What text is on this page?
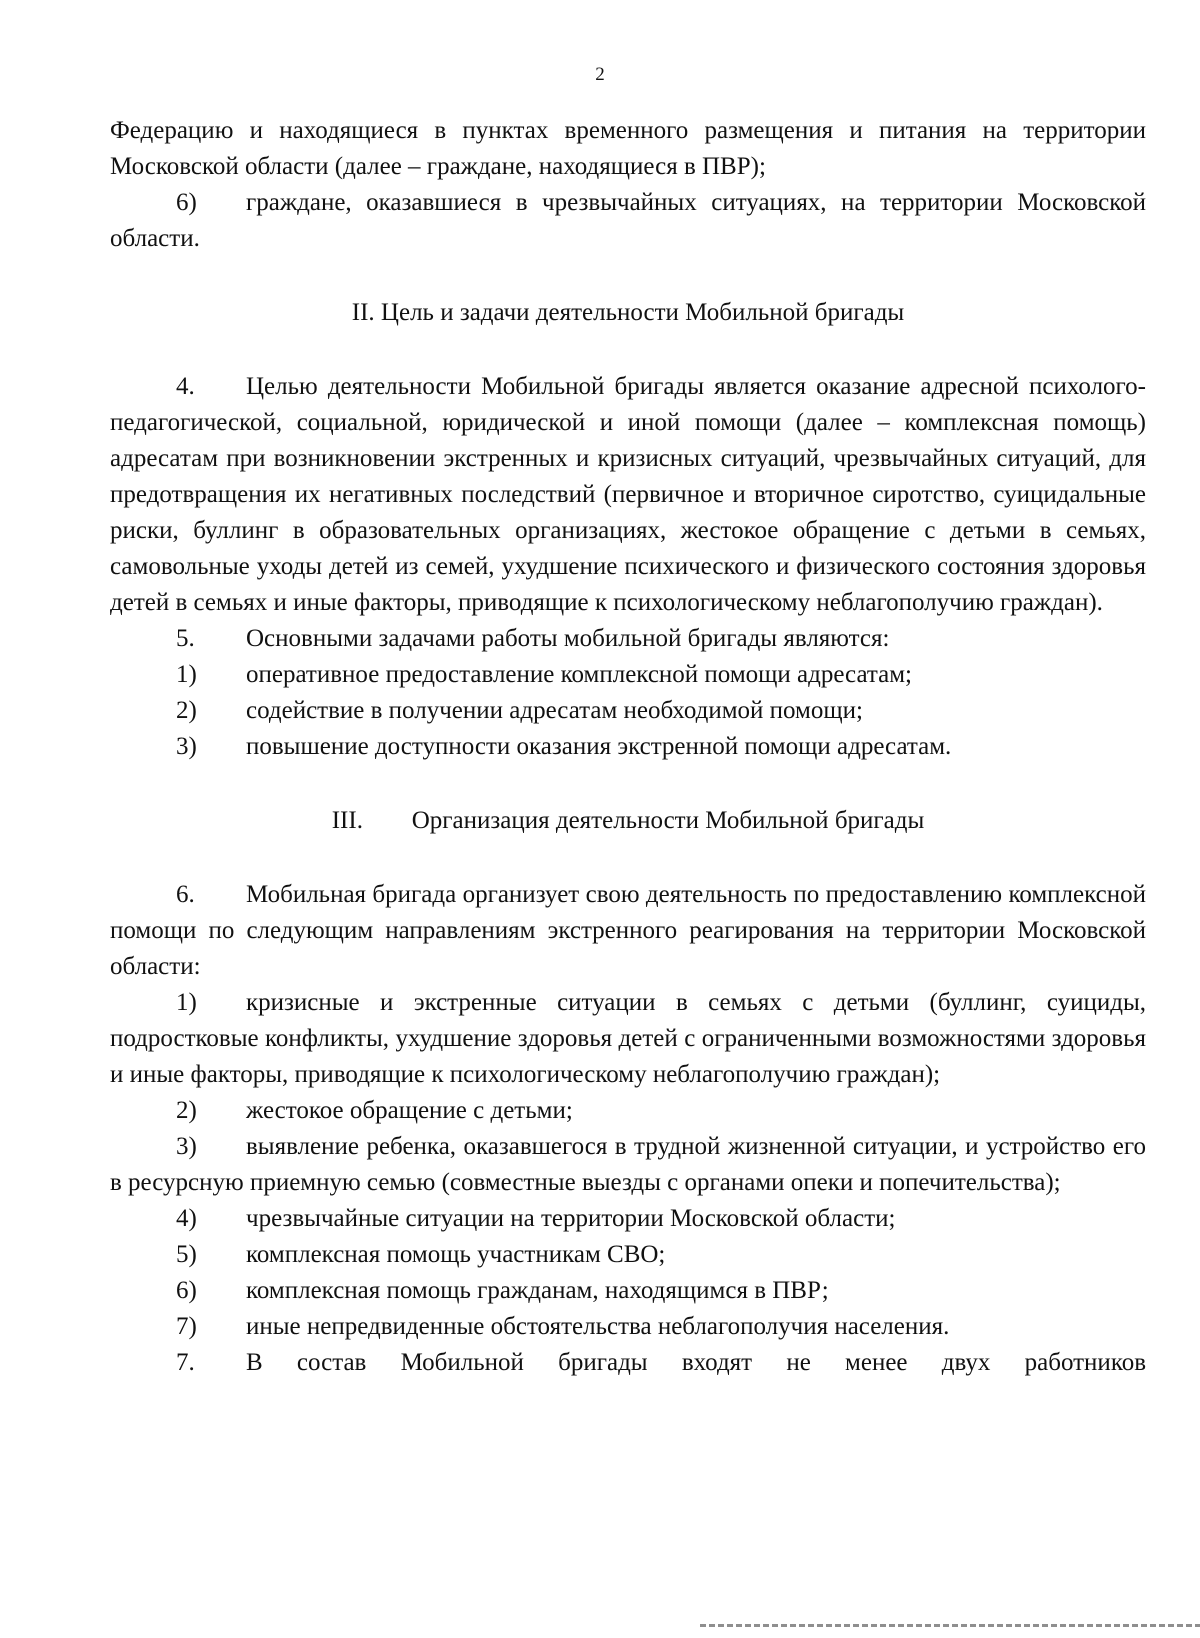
2

Федерацию и находящиеся в пунктах временного размещения и питания на территории Московской области (далее – граждане, находящиеся в ПВР);

6) граждане, оказавшиеся в чрезвычайных ситуациях, на территории Московской области.

II. Цель и задачи деятельности Мобильной бригады

4. Целью деятельности Мобильной бригады является оказание адресной психолого-педагогической, социальной, юридической и иной помощи (далее – комплексная помощь) адресатам при возникновении экстренных и кризисных ситуаций, чрезвычайных ситуаций, для предотвращения их негативных последствий (первичное и вторичное сиротство, суицидальные риски, буллинг в образовательных организациях, жестокое обращение с детьми в семьях, самовольные уходы детей из семей, ухудшение психического и физического состояния здоровья детей в семьях и иные факторы, приводящие к психологическому неблагополучию граждан).

5. Основными задачами работы мобильной бригады являются:

1) оперативное предоставление комплексной помощи адресатам;

2) содействие в получении адресатам необходимой помощи;

3) повышение доступности оказания экстренной помощи адресатам.

III. Организация деятельности Мобильной бригады

6. Мобильная бригада организует свою деятельность по предоставлению комплексной помощи по следующим направлениям экстренного реагирования на территории Московской области:

1) кризисные и экстренные ситуации в семьях с детьми (буллинг, суициды, подростковые конфликты, ухудшение здоровья детей с ограниченными возможностями здоровья и иные факторы, приводящие к психологическому неблагополучию граждан);

2) жестокое обращение с детьми;

3) выявление ребенка, оказавшегося в трудной жизненной ситуации, и устройство его в ресурсную приемную семью (совместные выезды с органами опеки и попечительства);

4) чрезвычайные ситуации на территории Московской области;

5) комплексная помощь участникам СВО;

6) комплексная помощь гражданам, находящимся в ПВР;

7) иные непредвиденные обстоятельства неблагополучия населения.

7. В состав Мобильной бригады входят не менее двух работников
